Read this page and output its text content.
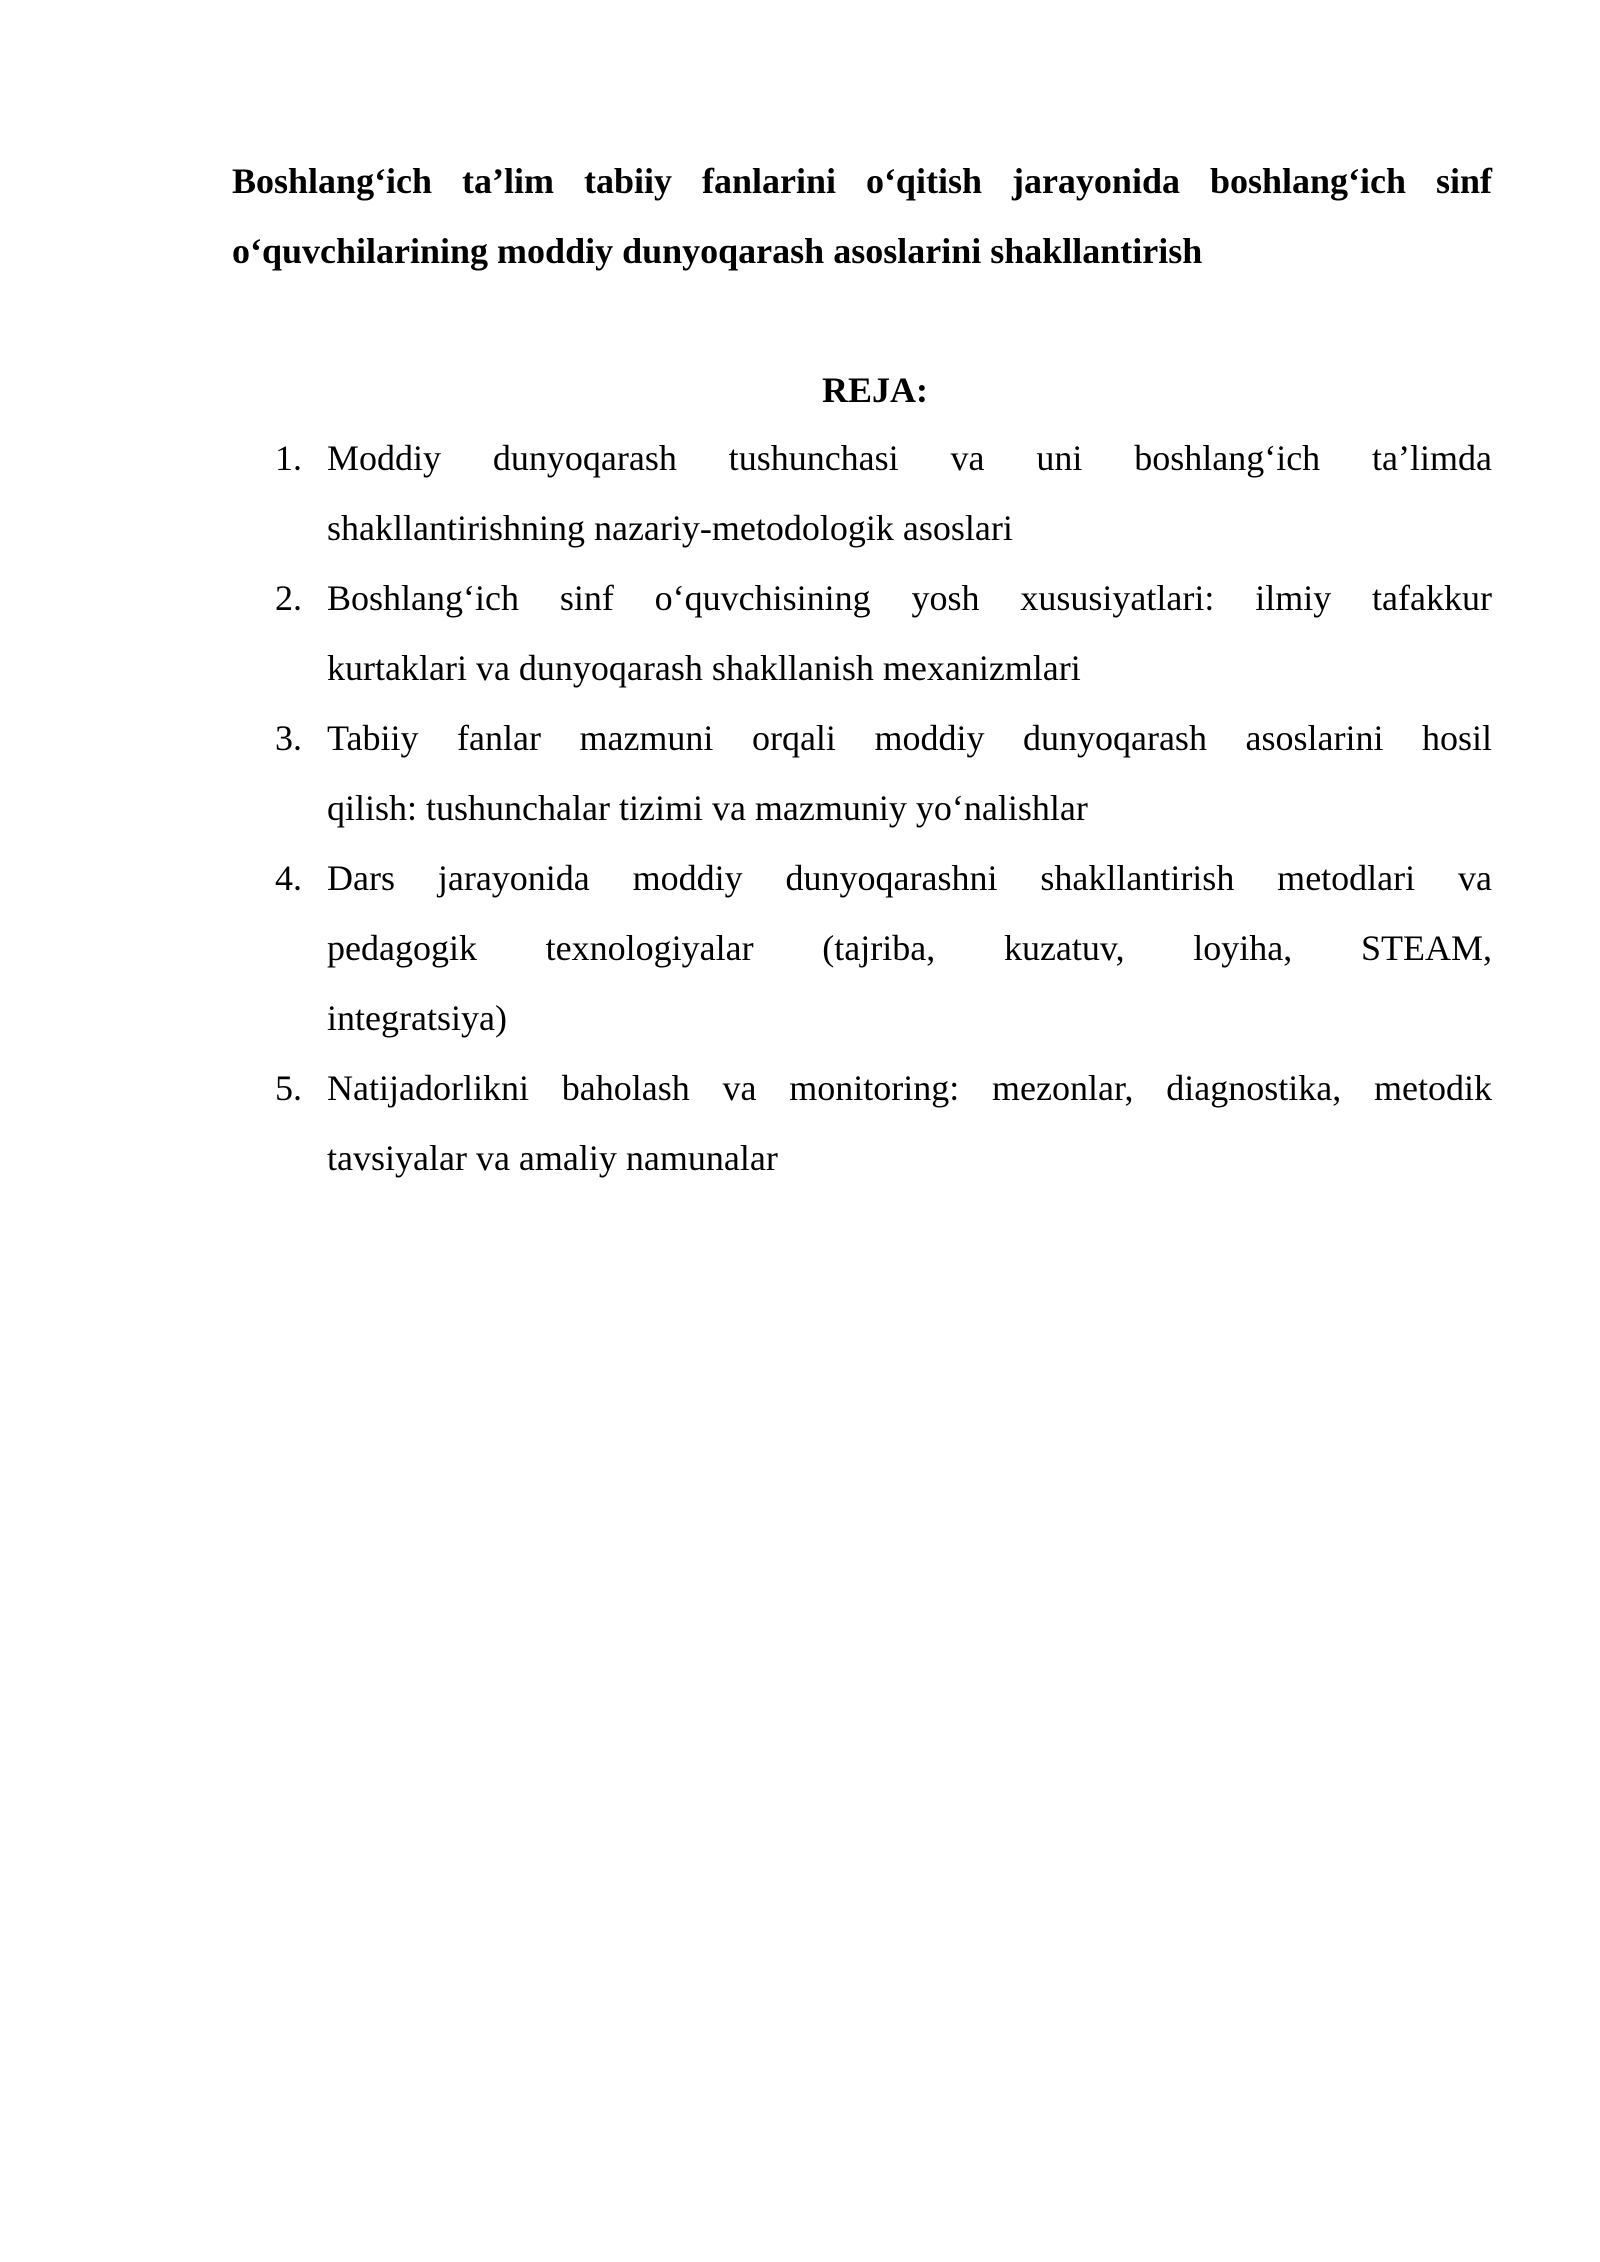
Boshlang‘ich ta’lim tabiiy fanlarini o‘qitish jarayonida boshlang‘ich sinf
o‘quvchilarining moddiy dunyoqarash asoslarini shakllantirish
REJA:
1. Moddiy dunyoqarash tushunchasi va uni boshlang‘ich ta’limda
shakllantirishning nazariy-metodologik asoslari
2. Boshlang‘ich sinf o‘quvchisining yosh xususiyatlari: ilmiy tafakkur
kurtaklari va dunyoqarash shakllanish mexanizmlari
3. Tabiiy fanlar mazmuni orqali moddiy dunyoqarash asoslarini hosil
qilish: tushunchalar tizimi va mazmuniy yo‘nalishlar
4. Dars jarayonida moddiy dunyoqarashni shakllantirish metodlari va
pedagogik texnologiyalar (tajriba, kuzatuv, loyiha, STEAM,
integratsiya)
5. Natijadorlikni baholash va monitoring: mezonlar, diagnostika, metodik
tavsiyalar va amaliy namunalar
